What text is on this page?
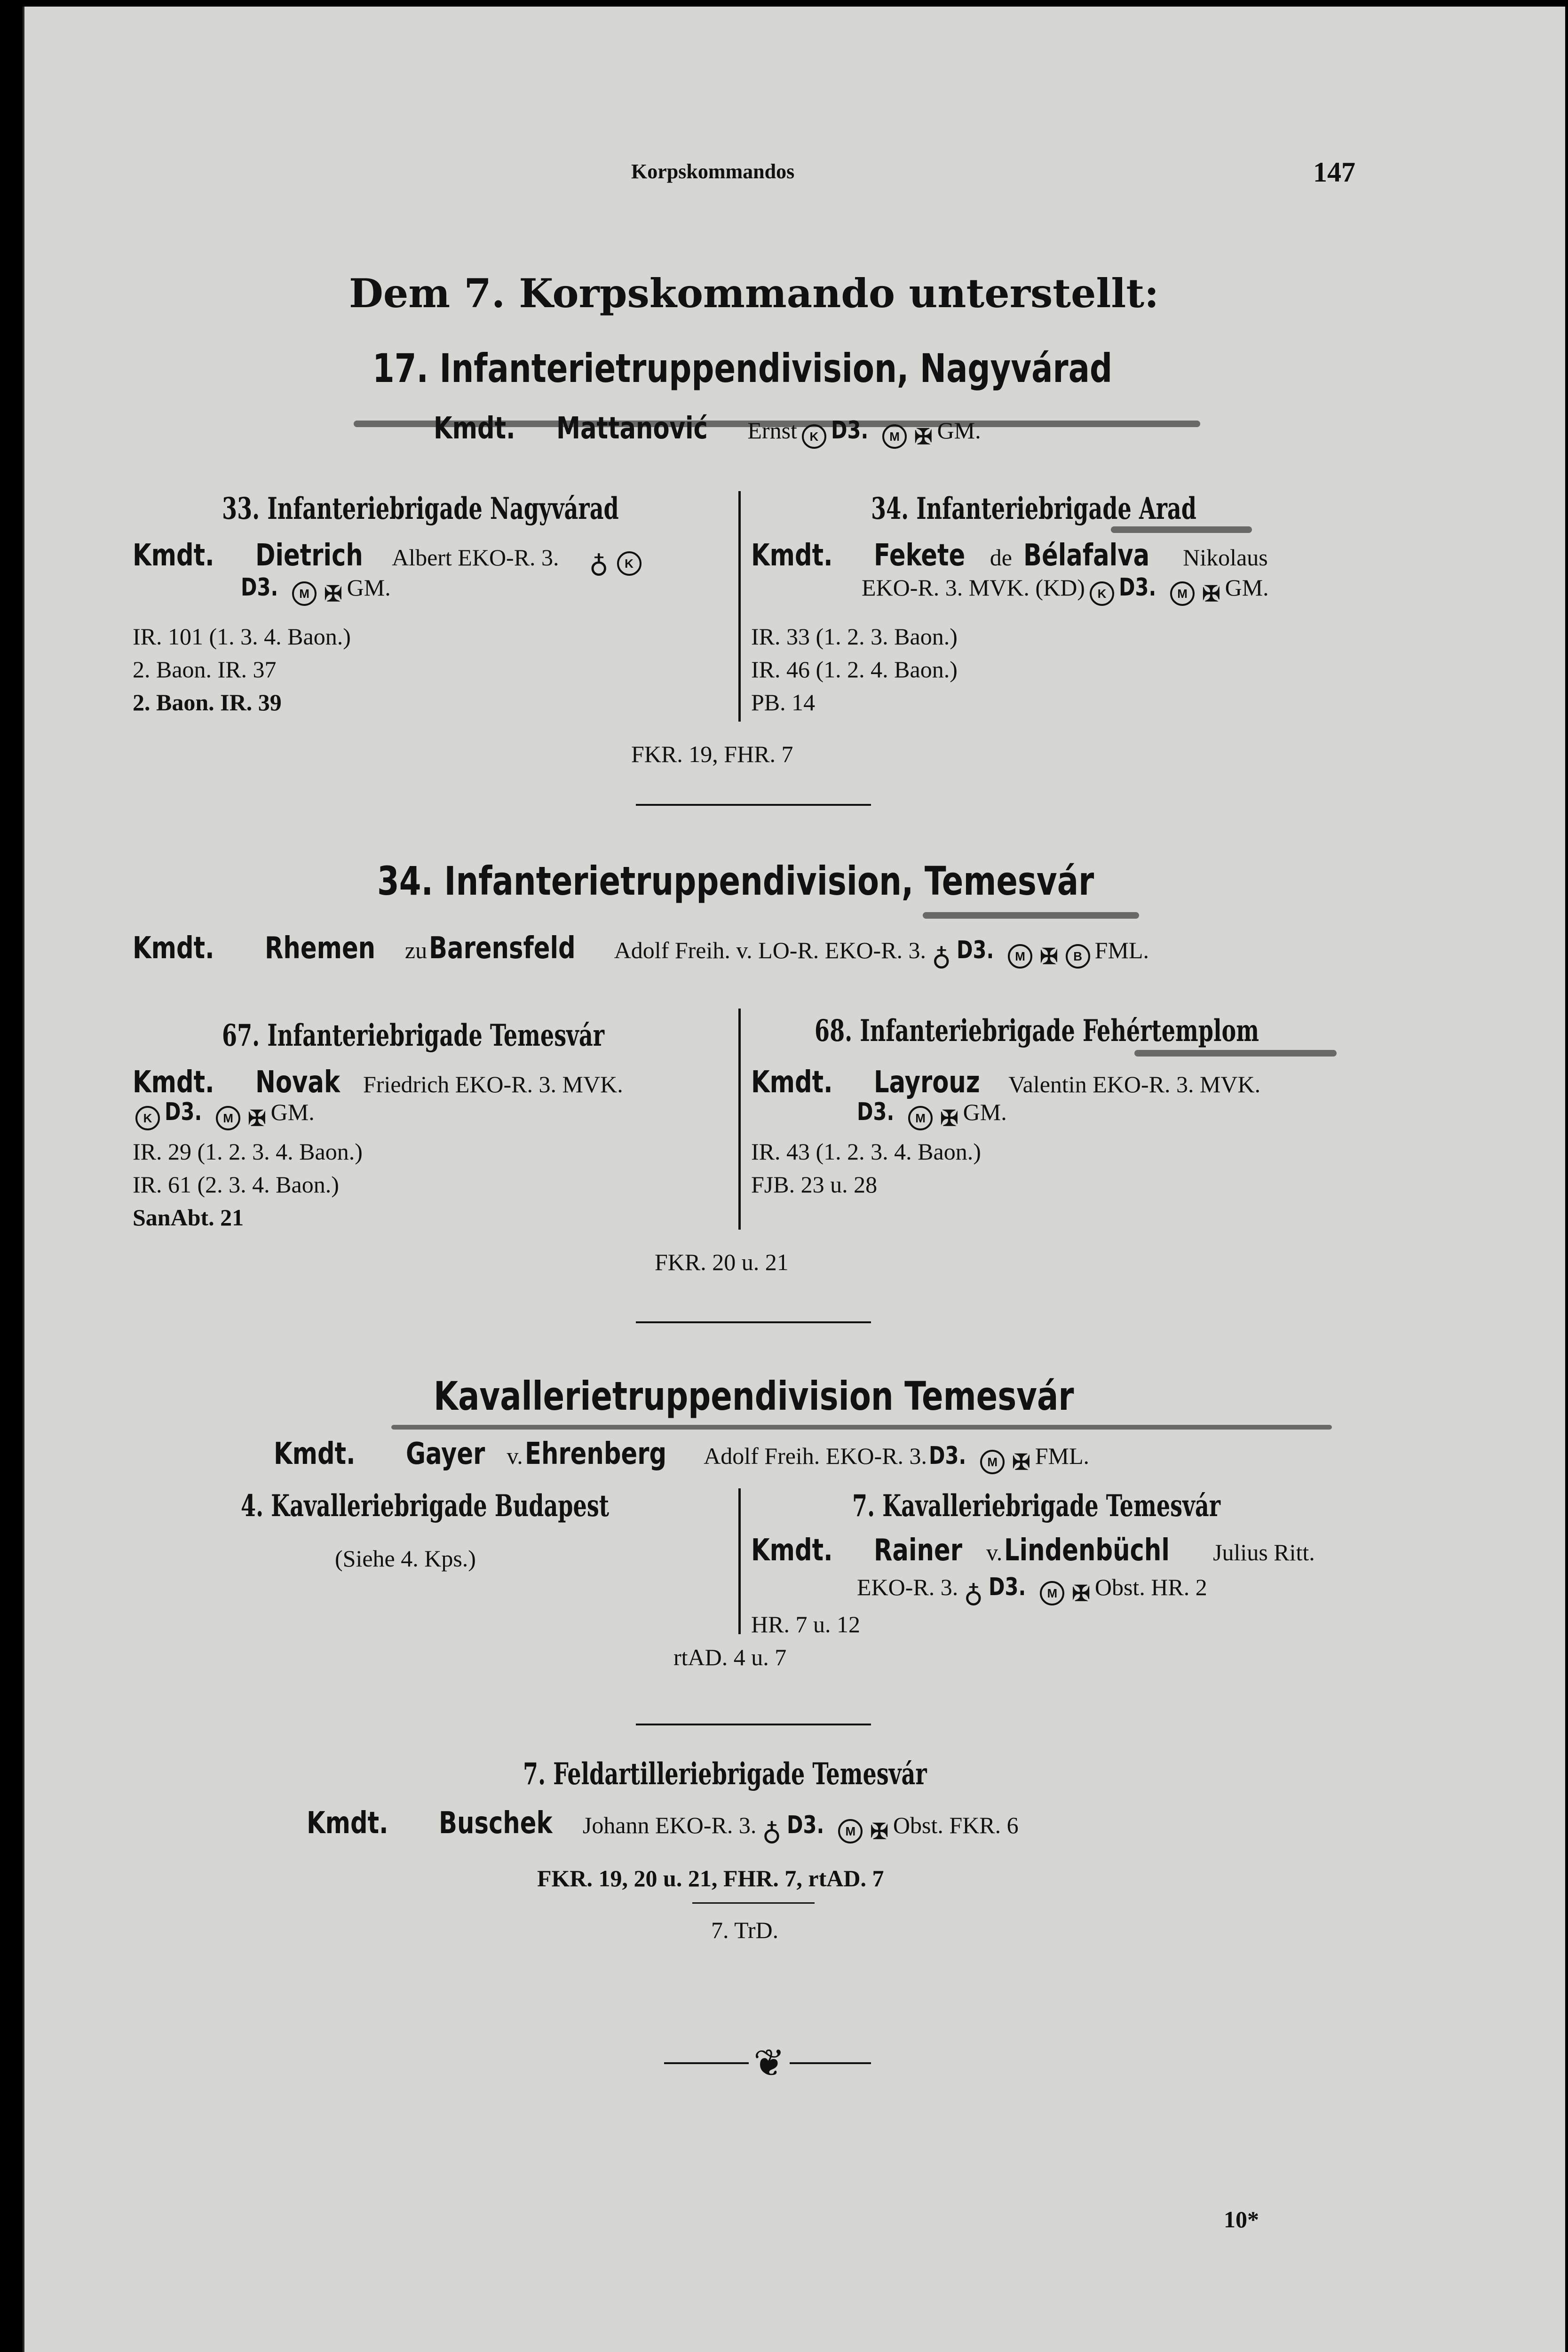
Korpskommandos	147
Dem 7. Korpskommando unterstellt:
17. Infanterietruppendivision, Nagyvárad
Kmdt. Mattanović Ernst K D3. M ✠ GM.
33. Infanteriebrigade Nagyvárad
Kmdt. Dietrich Albert EKO-R. 3. ♁ K
D3. M ✠ GM.
IR. 101 (1. 3. 4. Baon.)
2. Baon. IR. 37
2. Baon. IR. 39
34. Infanteriebrigade Arad
Kmdt. Fekete de Bélafalva Nikolaus
EKO-R. 3. MVK. (KD) K D3. M ✠ GM.
IR. 33 (1. 2. 3. Baon.)
IR. 46 (1. 2. 4. Baon.)
PB. 14
FKR. 19, FHR. 7
34. Infanterietruppendivision, Temesvár
Kmdt. Rhemen zu Barensfeld Adolf Freih. v. LO-R. EKO-R. 3. ♁ D3. M ✠ B FML.
67. Infanteriebrigade Temesvár
Kmdt. Novak Friedrich EKO-R. 3. MVK.
K D3. M ✠ GM.
IR. 29 (1. 2. 3. 4. Baon.)
IR. 61 (2. 3. 4. Baon.)
SanAbt. 21
68. Infanteriebrigade Fehértemplom
Kmdt. Layrouz Valentin EKO-R. 3. MVK.
D3. M ✠ GM.
IR. 43 (1. 2. 3. 4. Baon.)
FJB. 23 u. 28
FKR. 20 u. 21
Kavallerietruppendivision Temesvár
Kmdt. Gayer v. Ehrenberg Adolf Freih. EKO-R. 3. D3. M ✠ FML.
4. Kavalleriebrigade Budapest
(Siehe 4. Kps.)
7. Kavalleriebrigade Temesvár
Kmdt. Rainer v. Lindenbüchl Julius Ritt.
EKO-R. 3. ♁ D3. M ✠ Obst. HR. 2
HR. 7 u. 12
rtAD. 4 u. 7
7. Feldartilleriebrigade Temesvár
Kmdt. Buschek Johann EKO-R. 3. ♁ D3. M ✠ Obst. FKR. 6
FKR. 19, 20 u. 21, FHR. 7, rtAD. 7
7. TrD.
❦
10*
